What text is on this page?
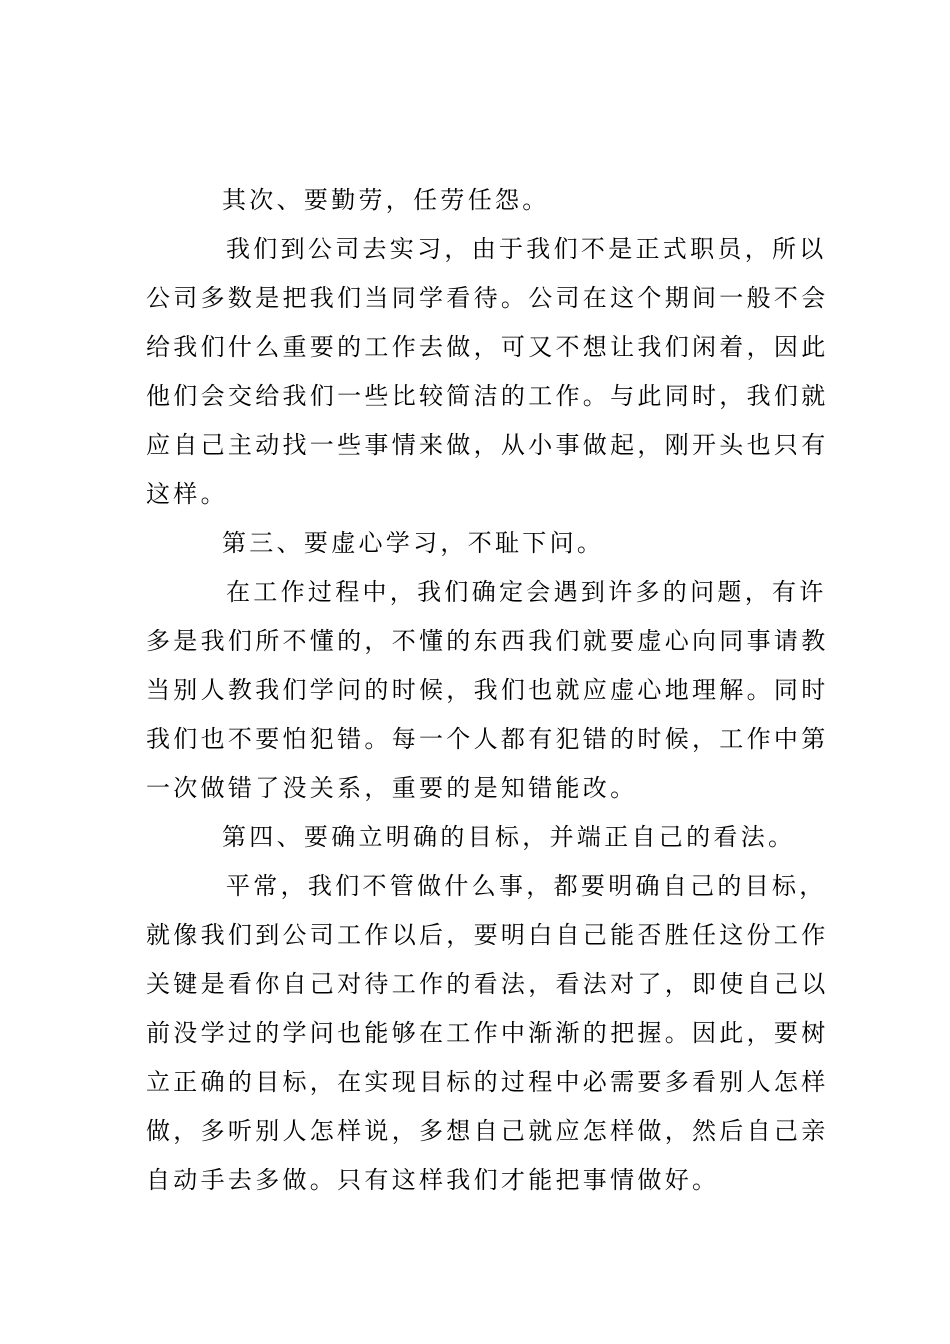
其次、要勤劳，任劳任怨。
我们到公司去实习，由于我们不是正式职员，所以
公司多数是把我们当同学看待。公司在这个期间一般不会
给我们什么重要的工作去做，可又不想让我们闲着，因此
他们会交给我们一些比较简洁的工作。与此同时，我们就
应自己主动找一些事情来做，从小事做起，刚开头也只有
这样。
第三、要虚心学习，不耻下问。
在工作过程中，我们确定会遇到许多的问题，有许
多是我们所不懂的，不懂的东西我们就要虚心向同事请教
当别人教我们学问的时候，我们也就应虚心地理解。同时
我们也不要怕犯错。每一个人都有犯错的时候，工作中第
一次做错了没关系，重要的是知错能改。
第四、要确立明确的目标，并端正自己的看法。
平常，我们不管做什么事，都要明确自己的目标，
就像我们到公司工作以后，要明白自己能否胜任这份工作
关键是看你自己对待工作的看法，看法对了，即使自己以
前没学过的学问也能够在工作中渐渐的把握。因此，要树
立正确的目标，在实现目标的过程中必需要多看别人怎样
做，多听别人怎样说，多想自己就应怎样做，然后自己亲
自动手去多做。只有这样我们才能把事情做好。
